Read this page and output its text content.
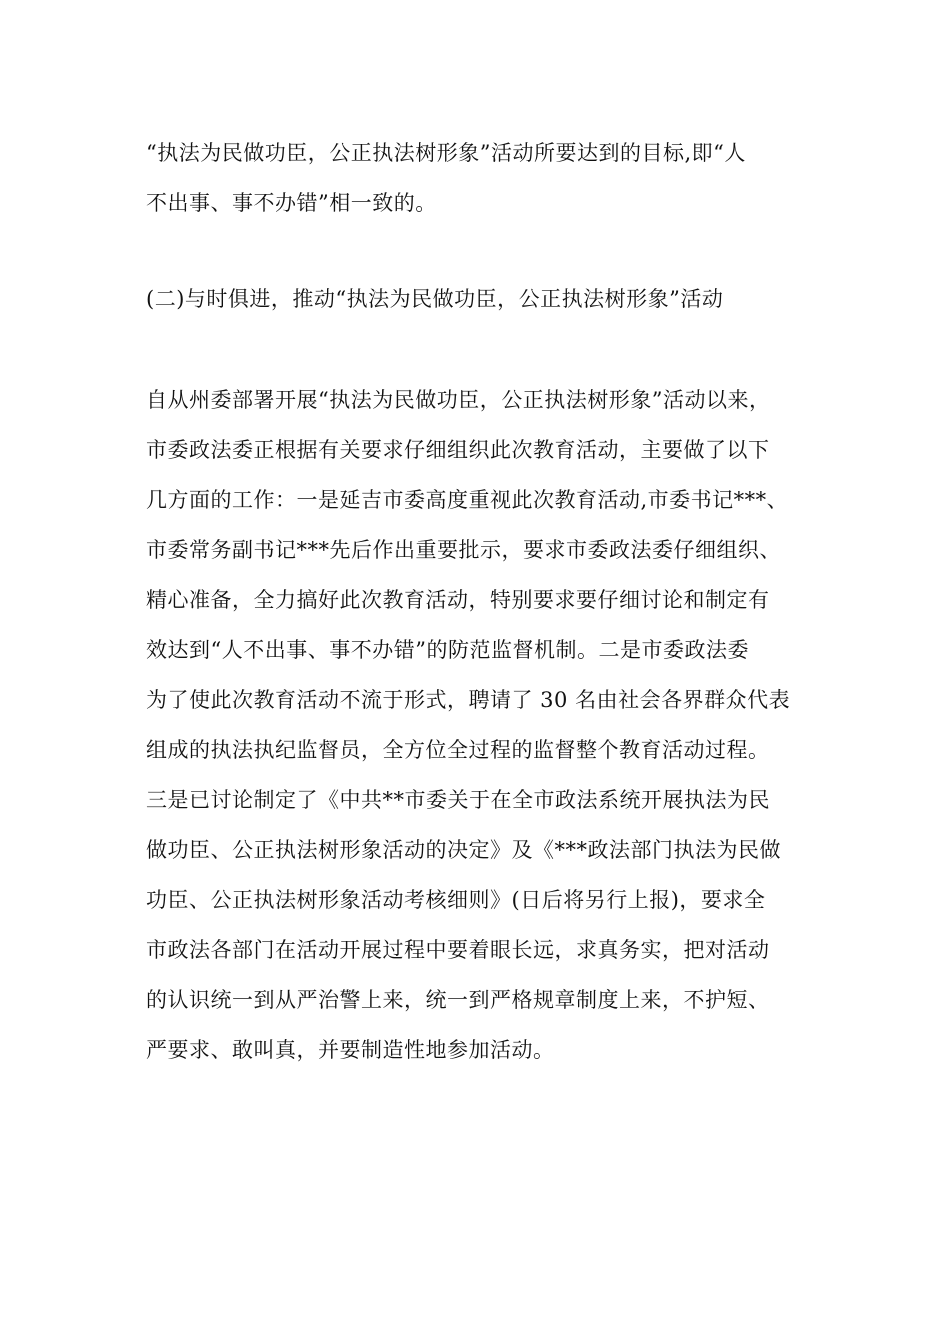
“执法为民做功臣，公正执法树形象”活动所要达到的目标,即“人
不出事、事不办错”相一致的。
(二)与时俱进，推动“执法为民做功臣，公正执法树形象”活动
自从州委部署开展“执法为民做功臣，公正执法树形象”活动以来，
市委政法委正根据有关要求仔细组织此次教育活动，主要做了以下
几方面的工作：一是延吉市委高度重视此次教育活动,市委书记***、
市委常务副书记***先后作出重要批示，要求市委政法委仔细组织、
精心准备，全力搞好此次教育活动，特别要求要仔细讨论和制定有
效达到“人不出事、事不办错”的防范监督机制。二是市委政法委
为了使此次教育活动不流于形式，聘请了 30 名由社会各界群众代表
组成的执法执纪监督员，全方位全过程的监督整个教育活动过程。
三是已讨论制定了《中共**市委关于在全市政法系统开展执法为民
做功臣、公正执法树形象活动的决定》及《***政法部门执法为民做
功臣、公正执法树形象活动考核细则》(日后将另行上报)，要求全
市政法各部门在活动开展过程中要着眼长远，求真务实，把对活动
的认识统一到从严治警上来，统一到严格规章制度上来，不护短、
严要求、敢叫真，并要制造性地参加活动。
